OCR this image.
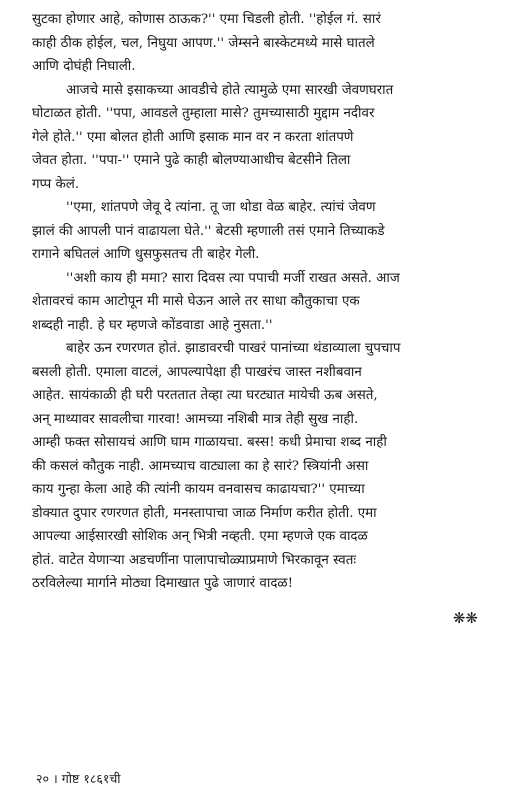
सुटका होणार आहे, कोणास ठाऊक?'' एमा चिडली होती. ''होईल गं. सारं
काही ठीक होईल, चल, निघुया आपण.'' जेम्सने बास्केटमध्ये मासे घातले
आणि दोघंही निघाली.

आजचे मासे इसाकच्या आवडीचे होते त्यामुळे एमा सारखी जेवणघरात
घोटाळत होती. ''पपा, आवडले तुम्हाला मासे? तुमच्यासाठी मुद्दाम नदीवर
गेले होते.'' एमा बोलत होती आणि इसाक मान वर न करता शांतपणे
जेवत होता. ''पपा-'' एमाने पुढे काही बोलण्याआधीच बेटसीने तिला
गप्प केलं.

''एमा, शांतपणे जेवू दे त्यांना. तू जा थोडा वेळ बाहेर. त्यांचं जेवण
झालं की आपली पानं वाढायला घेते.'' बेटसी म्हणाली तसं एमाने तिच्याकडे
रागाने बघितलं आणि धुसफुसतच ती बाहेर गेली.

''अशी काय ही ममा? सारा दिवस त्या पपाची मर्जी राखत असते. आज
शेतावरचं काम आटोपून मी मासे घेऊन आले तर साधा कौतुकाचा एक
शब्दही नाही. हे घर म्हणजे कोंडवाडा आहे नुसता.''

बाहेर ऊन रणरणत होतं. झाडावरची पाखरं पानांच्या थंडाव्याला चुपचाप
बसली होती. एमाला वाटलं, आपल्यापेक्षा ही पाखरंच जास्त नशीबवान
आहेत. सायंकाळी ही घरी परततात तेव्हा त्या घरट्यात मायेची ऊब असते,
अन् माथ्यावर सावलीचा गारवा! आमच्या नशिबी मात्र तेही सुख नाही.
आम्ही फक्त सोसायचं आणि घाम गाळायचा. बस्स! कधी प्रेमाचा शब्द नाही
की कसलं कौतुक नाही. आमच्याच वाट्याला का हे सारं? स्त्रियांनी असा
काय गुन्हा केला आहे की त्यांनी कायम वनवासच काढायचा?'' एमाच्या
डोक्यात दुपार रणरणत होती, मनस्तापाचा जाळ निर्माण करीत होती. एमा
आपल्या आईसारखी सोशिक अन् भित्री नव्हती. एमा म्हणजे एक वादळ
होतं. वाटेत येणाऱ्या अडचणींना पालापाचोळ्याप्रमाणे भिरकावून स्वतः
ठरविलेल्या मार्गाने मोठ्या दिमाखात पुढे जाणारं वादळ!

❋❋
२० । गोष्ट १८६१ची
